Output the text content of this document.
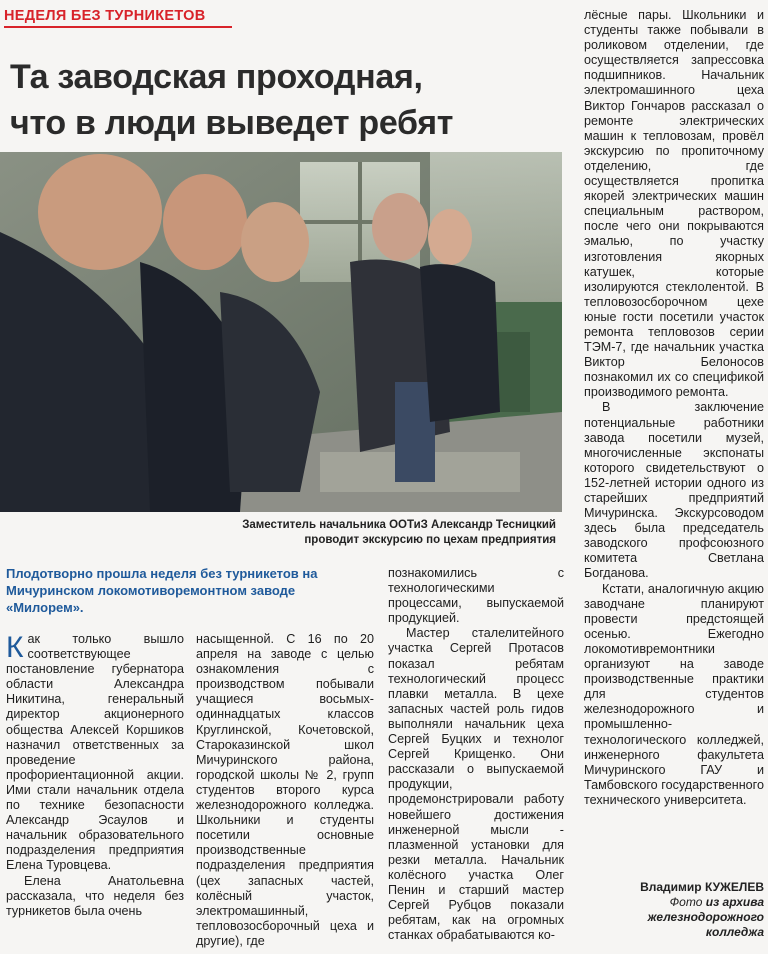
НЕДЕЛЯ БЕЗ ТУРНИКЕТОВ
Та заводская проходная,
что в люди выведет ребят
Заместитель начальника ООТиЗ Александр Тесницкий
проводит экскурсию по цехам предприятия
Плодотворно прошла неделя без турникетов на Мичуринском локомотиворемонтном заводе «Милорем».

Как только вышло соответствующее постановление губернатора области Александра Никитина, генеральный директор акционерного общества Алексей Коршиков назначил ответственных за проведение профориентационной акции. Ими стали начальник отдела по технике безопасности Александр Эсаулов и начальник образовательного подразделения предприятия Елена Туровцева.

Елена Анатольевна рассказала, что неделя без турникетов была очень

насыщенной. С 16 по 20 апреля на заводе с целью ознакомления с производством побывали учащиеся восьмых-одиннадцатых классов Круглинской, Кочетовской, Староказинской школ Мичуринского района, городской школы № 2, групп студентов второго курса железнодорожного колледжа. Школьники и студенты посетили основные производственные подразделения предприятия (цех запасных частей, колёсный участок, электромашинный, тепловозосборочный цеха и другие), где

познакомились с технологическими процессами, выпускаемой продукцией.

Мастер сталелитейного участка Сергей Протасов показал ребятам технологический процесс плавки металла. В цехе запасных частей роль гидов выполняли начальник цеха Сергей Буцких и технолог Сергей Крищенко. Они рассказали о выпускаемой продукции, продемонстрировали работу новейшего достижения инженерной мысли - плазменной установки для резки металла. Начальник колёсного участка Олег Пенин и старший мастер Сергей Рубцов показали ребятам, как на огромных станках обрабатываются ко-

лёсные пары. Школьники и студенты также побывали в роликовом отделении, где осуществляется запрессовка подшипников. Начальник электромашинного цеха Виктор Гончаров рассказал о ремонте электрических машин к тепловозам, провёл экскурсию по пропиточному отделению, где осуществляется пропитка якорей электрических машин специальным раствором, после чего они покрываются эмалью, по участку изготовления якорных катушек, которые изолируются стеклолентой. В тепловозосборочном цехе юные гости посетили участок ремонта тепловозов серии ТЭМ-7, где начальник участка Виктор Белоносов познакомил их со спецификой производимого ремонта.

В заключение потенциальные работники завода посетили музей, многочисленные экспонаты которого свидетельствуют о 152-летней истории одного из старейших предприятий Мичуринска. Экскурсоводом здесь была председатель заводского профсоюзного комитета Светлана Богданова.

Кстати, аналогичную акцию заводчане планируют провести предстоящей осенью. Ежегодно локомотивремонтники организуют на заводе производственные практики для студентов железнодорожного и промышленно-технологического колледжей, инженерного факультета Мичуринского ГАУ и Тамбовского государственного технического университета.

Владимир КУЖЕЛЕВ
Фото из архива
железнодорожного
колледжа
